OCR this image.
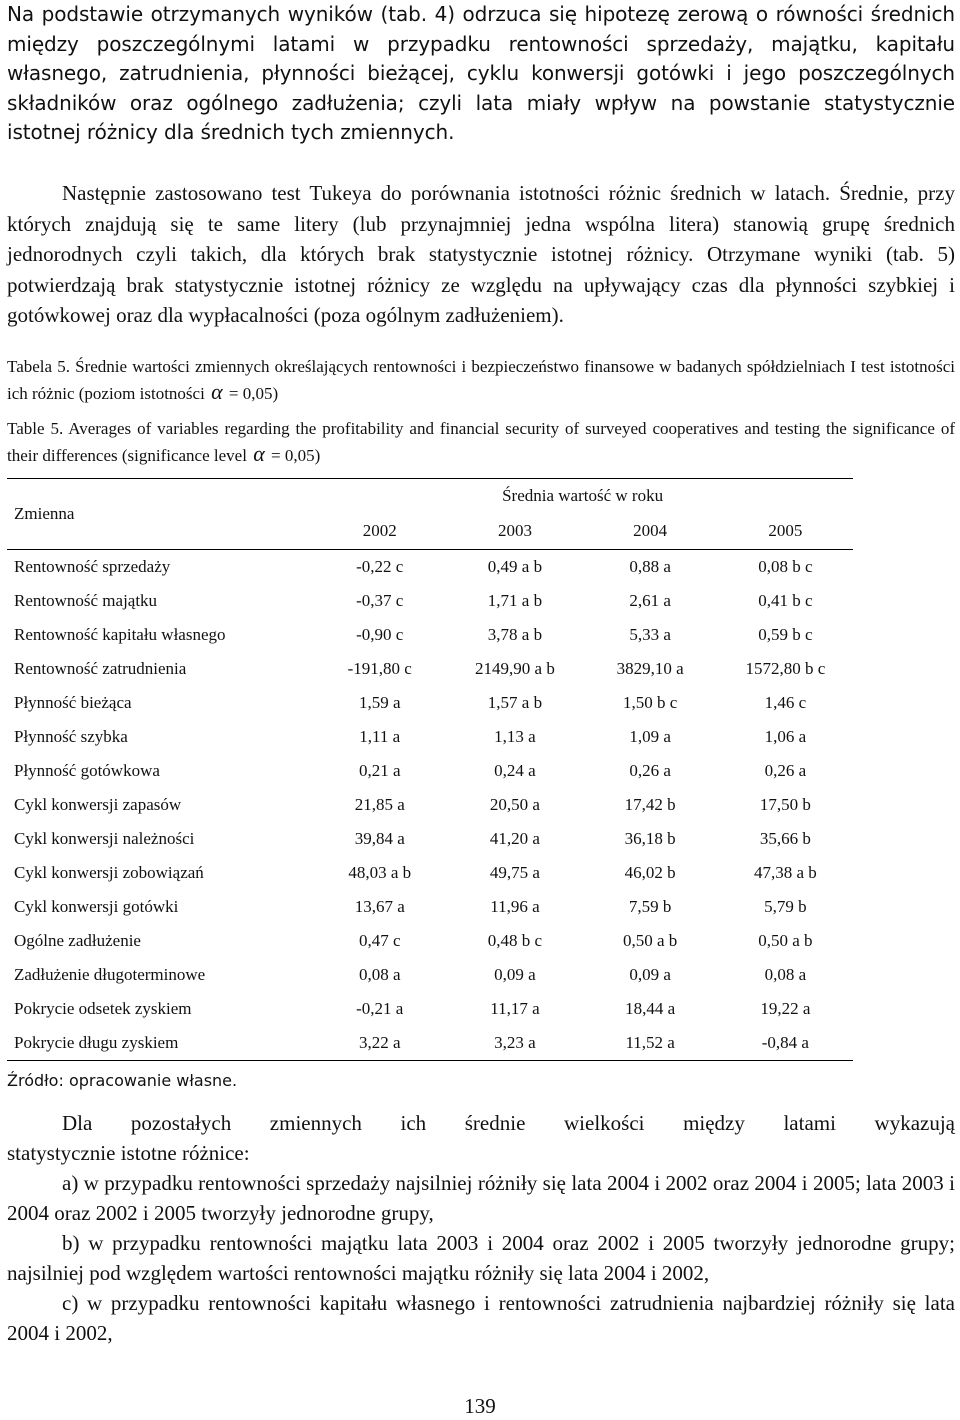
Na podstawie otrzymanych wyników (tab. 4) odrzuca się hipotezę zerową o równości średnich między poszczególnymi latami w przypadku rentowności sprzedaży, majątku, kapitału własnego, zatrudnienia, płynności bieżącej, cyklu konwersji gotówki i jego poszczególnych składników oraz ogólnego zadłużenia; czyli lata miały wpływ na powstanie statystycznie istotnej różnicy dla średnich tych zmiennych.
Następnie zastosowano test Tukeya do porównania istotności różnic średnich w latach. Średnie, przy których znajdują się te same litery (lub przynajmniej jedna wspólna litera) stanowią grupę średnich jednorodnych czyli takich, dla których brak statystycznie istotnej różnicy. Otrzymane wyniki (tab. 5) potwierdzają brak statystycznie istotnej różnicy ze względu na upływający czas dla płynności szybkiej i gotówkowej oraz dla wypłacalności (poza ogólnym zadłużeniem).
Tabela 5. Średnie wartości zmiennych określających rentowności i bezpieczeństwo finansowe w badanych spółdzielniach I test istotności ich różnic (poziom istotności α = 0,05)
Table 5. Averages of variables regarding the profitability and financial security of surveyed cooperatives and testing the significance of their differences (significance level α = 0,05)
Zmienna	Średnia wartość w roku			
	2002	2003	2004	2005
Rentowność sprzedaży	-0,22 c	0,49 a b	0,88 a	0,08 b c
Rentowność majątku	-0,37 c	1,71 a b	2,61 a	0,41 b c
Rentowność kapitału własnego	-0,90 c	3,78 a b	5,33 a	0,59 b c
Rentowność zatrudnienia	-191,80 c	2149,90 a b	3829,10 a	1572,80 b c
Płynność bieżąca	1,59 a	1,57 a b	1,50 b c	1,46 c
Płynność szybka	1,11 a	1,13 a	1,09 a	1,06 a
Płynność gotówkowa	0,21 a	0,24 a	0,26 a	0,26 a
Cykl konwersji zapasów	21,85 a	20,50 a	17,42 b	17,50 b
Cykl konwersji należności	39,84 a	41,20 a	36,18 b	35,66 b
Cykl konwersji zobowiązań	48,03 a b	49,75 a	46,02 b	47,38 a b
Cykl konwersji gotówki	13,67 a	11,96 a	7,59 b	5,79 b
Ogólne zadłużenie	0,47 c	0,48 b c	0,50 a b	0,50 a b
Zadłużenie długoterminowe	0,08 a	0,09 a	0,09 a	0,08 a
Pokrycie odsetek zyskiem	-0,21 a	11,17 a	18,44 a	19,22 a
Pokrycie długu zyskiem	3,22 a	3,23 a	11,52 a	-0,84 a
Źródło: opracowanie własne.
Dla pozostałych zmiennych ich średnie wielkości między latami wykazują
statystycznie istotne różnice:
a) w przypadku rentowności sprzedaży najsilniej różniły się lata 2004 i 2002 oraz 2004 i 2005; lata 2003 i 2004 oraz 2002 i 2005 tworzyły jednorodne grupy,
b) w przypadku rentowności majątku lata 2003 i 2004 oraz 2002 i 2005 tworzyły jednorodne grupy; najsilniej pod względem wartości rentowności majątku różniły się lata 2004 i 2002,
c) w przypadku rentowności kapitału własnego i rentowności zatrudnienia najbardziej różniły się lata 2004 i 2002,
139
